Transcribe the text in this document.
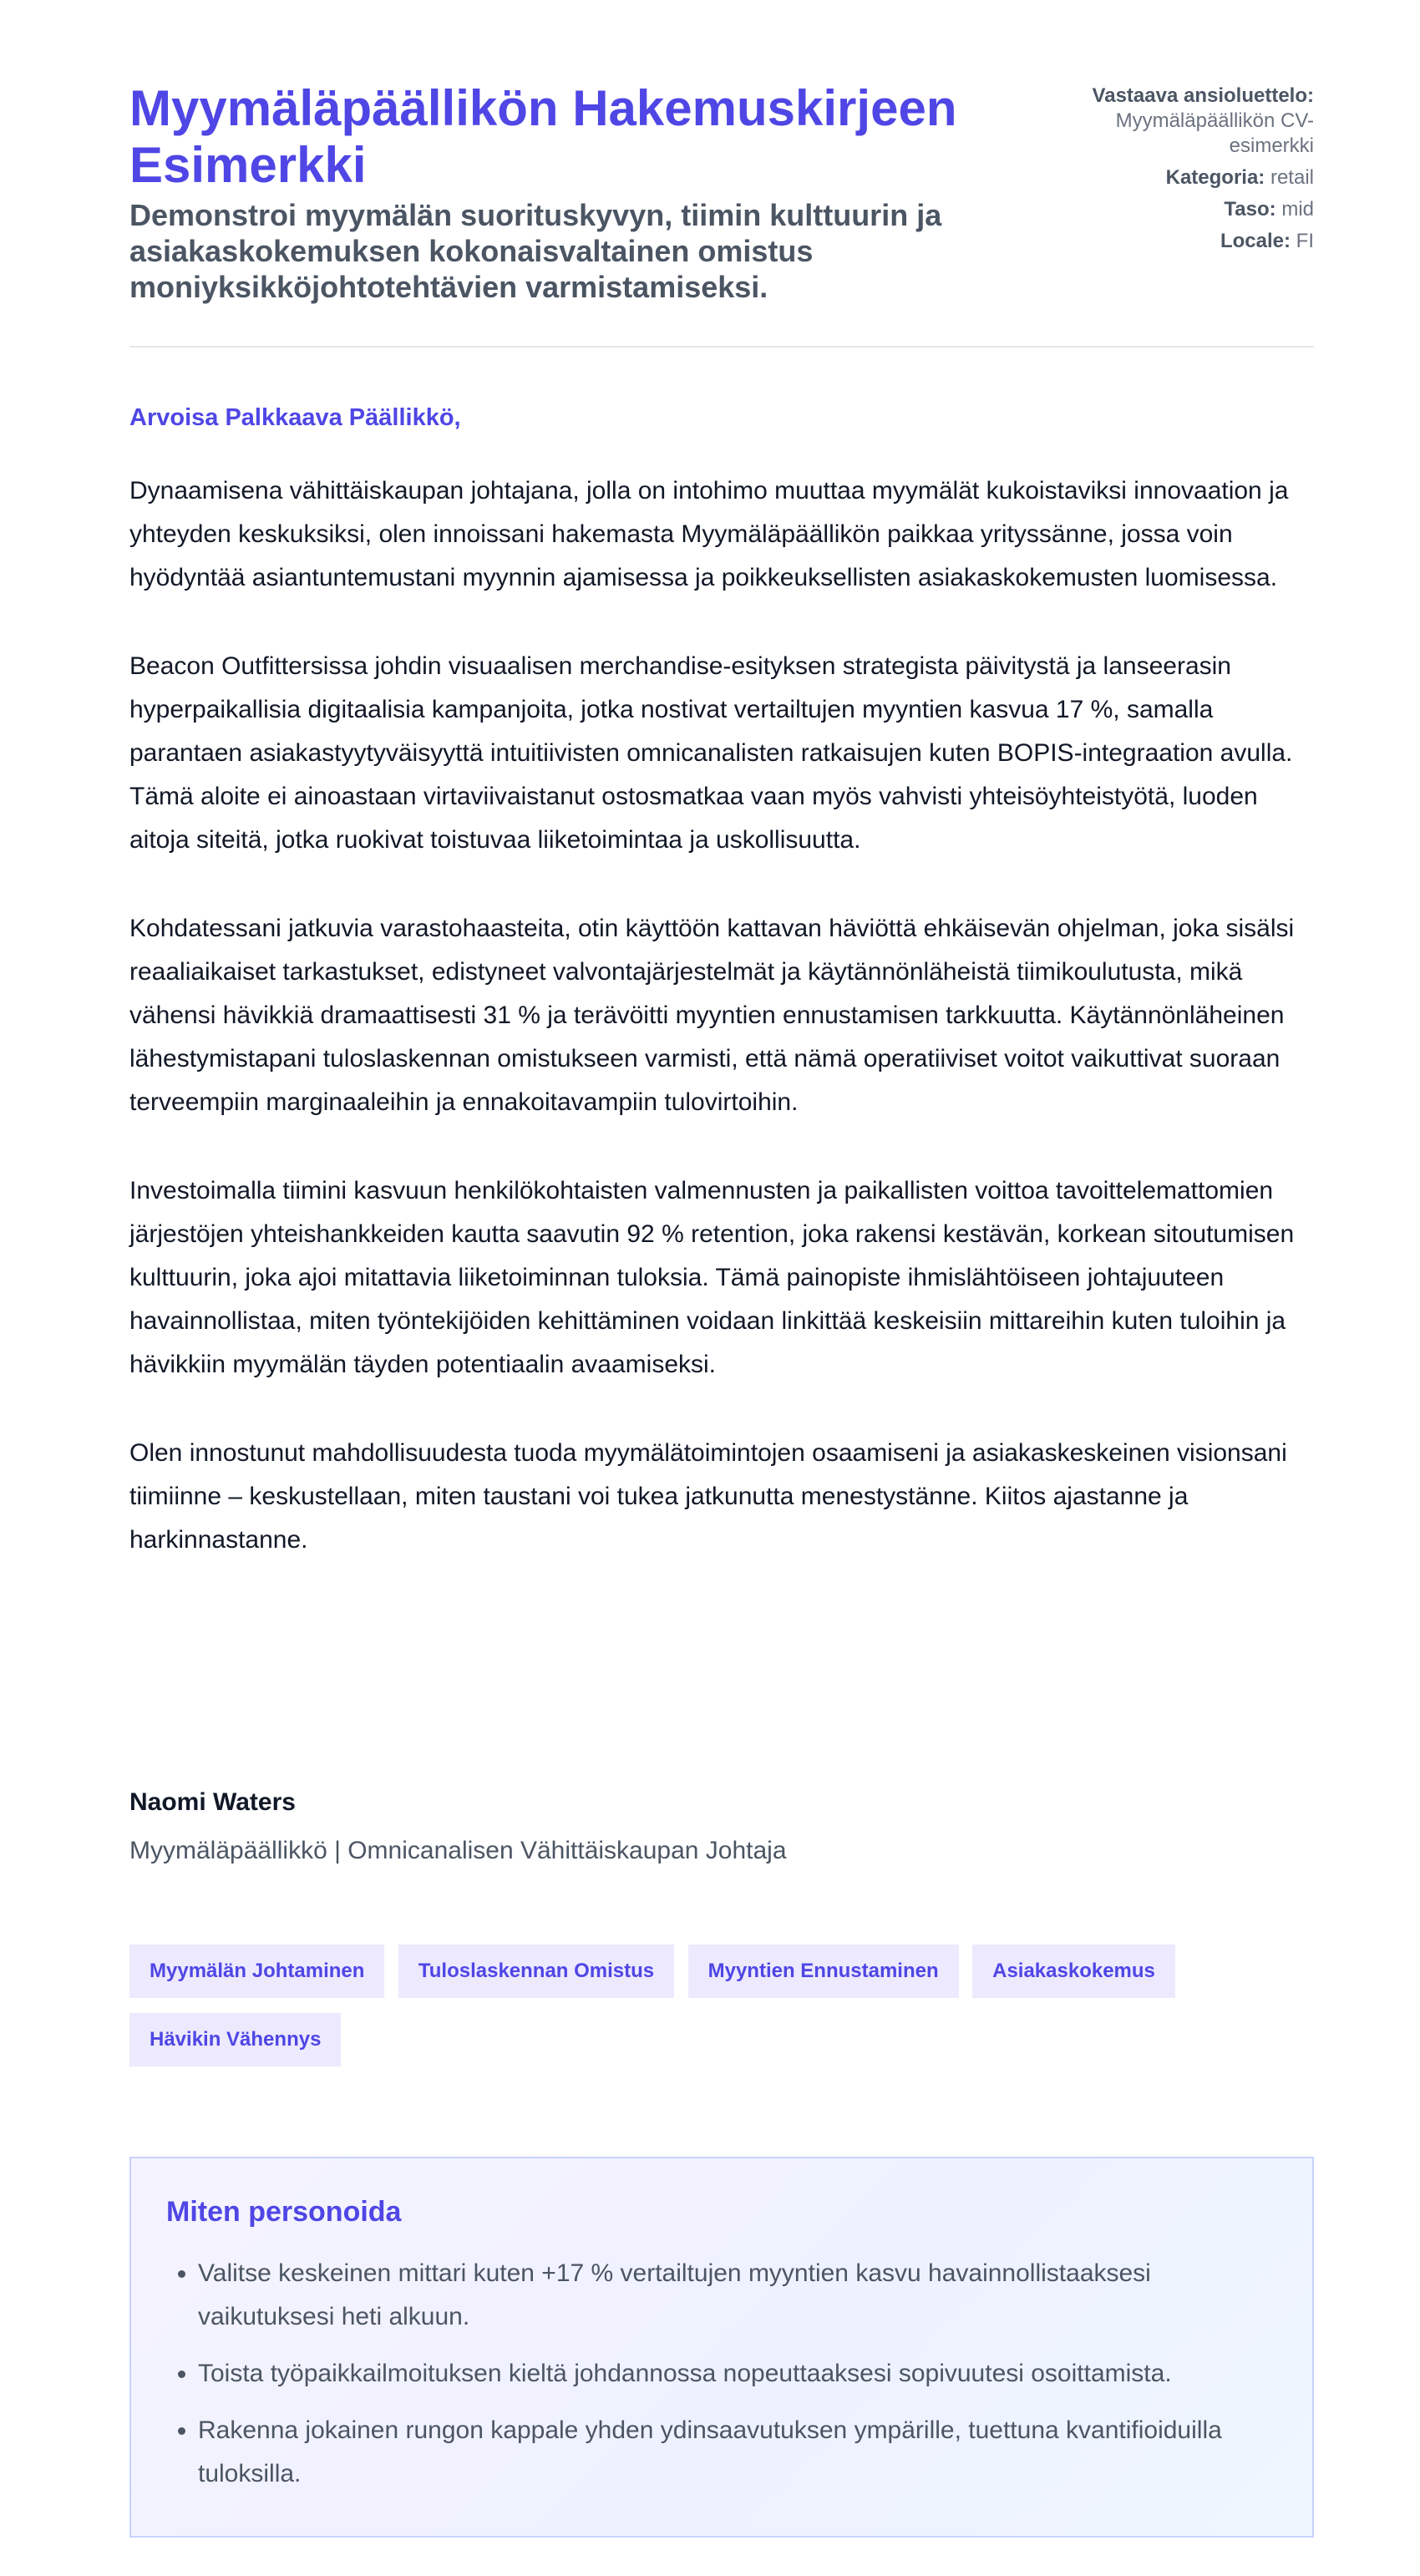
Myymäläpäällikön Hakemuskirjeen Esimerkki
Demonstroi myymälän suorituskyvyn, tiimin kulttuurin ja asiakaskokemuksen kokonaisvaltainen omistus moniyksikköjohtotehtävien varmistamiseksi.
Vastaava ansioluettelo: Myymäläpäällikön CV-esimerkki
Kategoria: retail
Taso: mid
Locale: FI

Arvoisa Palkkaava Päällikkö,

Dynaamisena vähittäiskaupan johtajana, jolla on intohimo muuttaa myymälät kukoistaviksi innovaation ja yhteyden keskuksiksi, olen innoissani hakemasta Myymäläpäällikön paikkaa yrityssänne, jossa voin hyödyntää asiantuntemustani myynnin ajamisessa ja poikkeuksellisten asiakaskokemusten luomisessa.

Beacon Outfittersissa johdin visuaalisen merchandise-esityksen strategista päivitystä ja lanseerasin hyperpaikallisia digitaalisia kampanjoita, jotka nostivat vertailtujen myyntien kasvua 17 %, samalla parantaen asiakastyytyväisyyttä intuitiivisten omnicanalisten ratkaisujen kuten BOPIS-integraation avulla. Tämä aloite ei ainoastaan virtaviivaistanut ostosmatkaa vaan myös vahvisti yhteisöyhteistyötä, luoden aitoja siteitä, jotka ruokivat toistuvaa liiketoimintaa ja uskollisuutta.

Kohdatessani jatkuvia varastohaasteita, otin käyttöön kattavan häviöttä ehkäisevän ohjelman, joka sisälsi reaaliaikaiset tarkastukset, edistyneet valvontajärjestelmät ja käytännönläheistä tiimikoulutusta, mikä vähensi hävikkiä dramaattisesti 31 % ja terävöitti myyntien ennustamisen tarkkuutta. Käytännönläheinen lähestymistapani tuloslaskennan omistukseen varmisti, että nämä operatiiviset voitot vaikuttivat suoraan terveempiin marginaaleihin ja ennakoitavampiin tulovirtoihin.

Investoimalla tiimini kasvuun henkilökohtaisten valmennusten ja paikallisten voittoa tavoittelemattomien järjestöjen yhteishankkeiden kautta saavutin 92 % retention, joka rakensi kestävän, korkean sitoutumisen kulttuurin, joka ajoi mitattavia liiketoiminnan tuloksia. Tämä painopiste ihmislähtöiseen johtajuuteen havainnollistaa, miten työntekijöiden kehittäminen voidaan linkittää keskeisiin mittareihin kuten tuloihin ja hävikkiin myymälän täyden potentiaalin avaamiseksi.

Olen innostunut mahdollisuudesta tuoda myymälätoimintojen osaamiseni ja asiakaskeskeinen visionsani tiimiinne – keskustellaan, miten taustani voi tukea jatkunutta menestystänne. Kiitos ajastanne ja harkinnastanne.

Naomi Waters

Myymäläpäällikkö | Omnicanalisen Vähittäiskaupan Johtaja

Myymälän Johtaminen	Tuloslaskennan Omistus	Myyntien Ennustaminen	Asiakaskokemus Hävikin Vähennys
Miten personoida
• Valitse keskeinen mittari kuten +17 % vertailtujen myyntien kasvu havainnollistaaksesi vaikutuksesi heti alkuun.
• Toista työpaikkailmoituksen kieltä johdannossa nopeuttaaksesi sopivuutesi osoittamista.
• Rakenna jokainen rungon kappale yhden ydinsaavutuksen ympärille, tuettuna kvantifioiduilla tuloksilla.
